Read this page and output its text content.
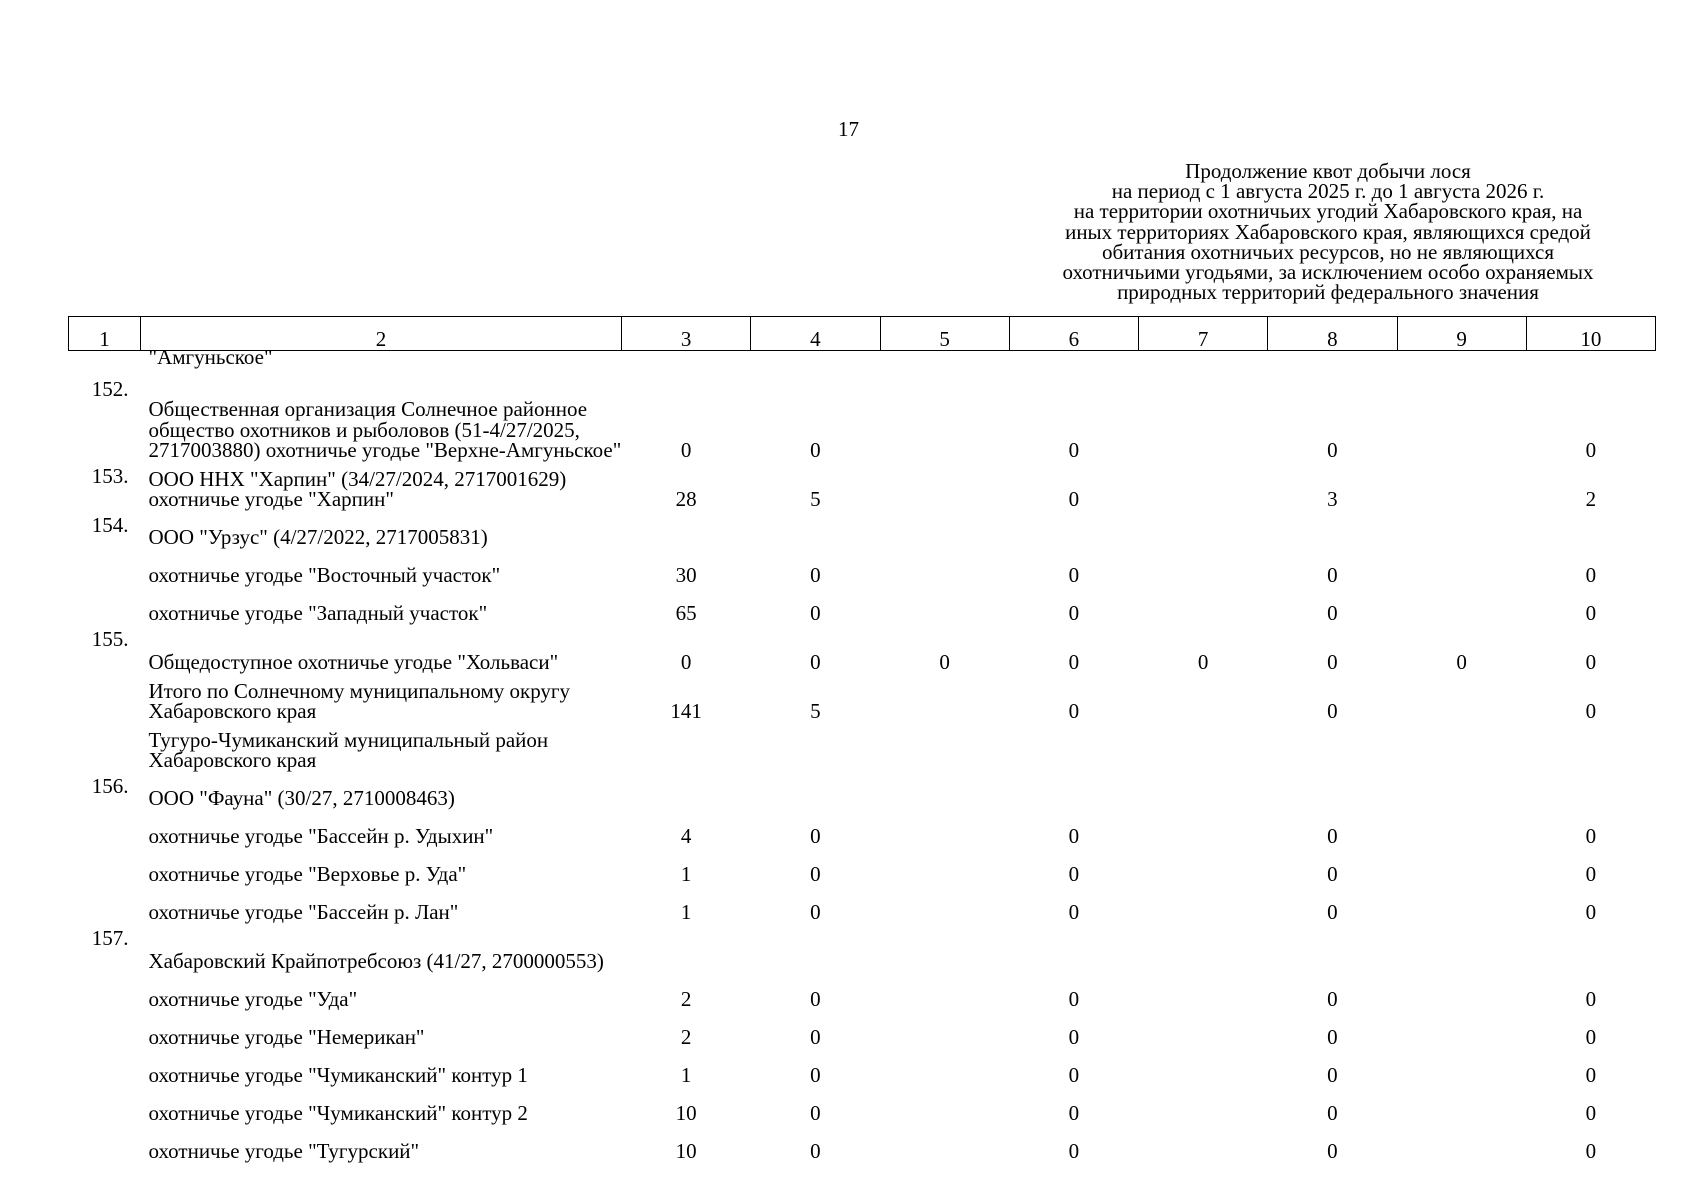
17
Продолжение квот добычи лося
на период с 1 августа 2025 г. до 1 августа 2026 г.
на территории охотничьих угодий Хабаровского края, на
иных территориях Хабаровского края, являющихся средой
обитания охотничьих ресурсов, но не являющихся
охотничьими угодьями, за исключением особо охраняемых
природных территорий федерального значения
1	2	3	4	5	6	7	8	9	10
	"Амгуньское"								
152.	Общественная организация Солнечное районное общество охотников и рыболовов (51-4/27/2025, 2717003880) охотничье угодье "Верхне-Амгуньское"	0	0		0		0		0
153.	ООО ННХ "Харпин" (34/27/2024, 2717001629) охотничье угодье "Харпин"	28	5		0		3		2
154.	ООО "Урзус" (4/27/2022, 2717005831)								
	охотничье угодье "Восточный участок"	30	0		0		0		0
	охотничье угодье "Западный участок"	65	0		0		0		0
155.	Общедоступное охотничье угодье "Хольваси"	0	0	0	0	0	0	0	0
	Итого по Солнечному муниципальному округу Хабаровского края	141	5		0		0		0
	Тугуро-Чумиканский муниципальный район Хабаровского края								
156.	ООО "Фауна" (30/27, 2710008463)								
	охотничье угодье "Бассейн р. Удыхин"	4	0		0		0		0
	охотничье угодье "Верховье р. Уда"	1	0		0		0		0
	охотничье угодье "Бассейн р. Лан"	1	0		0		0		0
157.	Хабаровский Крайпотребсоюз (41/27, 2700000553)								
	охотничье угодье "Уда"	2	0		0		0		0
	охотничье угодье "Немерикан"	2	0		0		0		0
	охотничье угодье "Чумиканский" контур 1	1	0		0		0		0
	охотничье угодье "Чумиканский" контур 2	10	0		0		0		0
	охотничье угодье "Тугурский"	10	0		0		0		0
